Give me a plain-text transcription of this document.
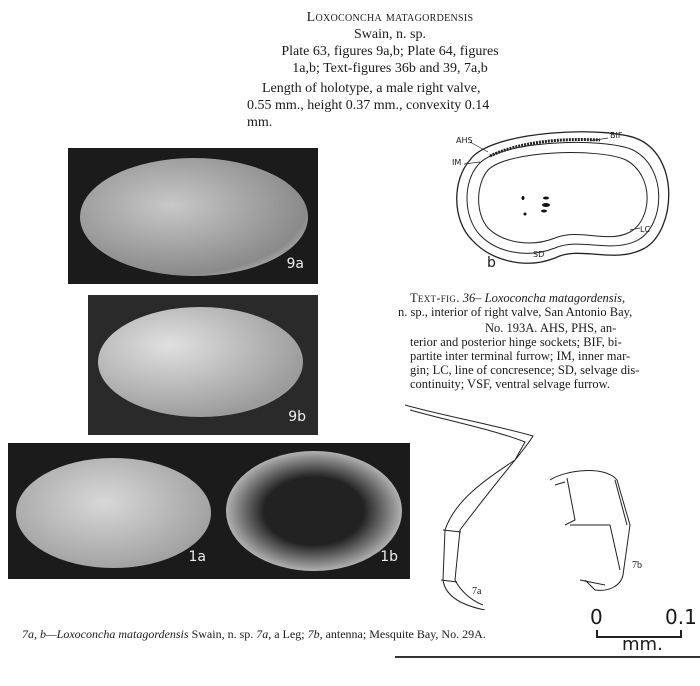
Loxoconcha matagordensis
Swain, n. sp.
Plate 63, figures 9a,b; Plate 64, figures
1a,b; Text-figures 36b and 39, 7a,b
Length of holotype, a male right valve,
0.55 mm., height 0.37 mm., convexity 0.14
mm.
9a
9b
1a	1b
AHS
BIF
IM
LC
SD
b
Text-fig. 36– Loxoconcha matagordensis,
n. sp., interior of right valve, San Antonio Bay,
No. 193A. AHS, PHS, an-
terior and posterior hinge sockets; BIF, bi-
partite inter terminal furrow; IM, inner mar-
gin; LC, line of concresence; SD, selvage dis-
continuity; VSF, ventral selvage furrow.
7a
7b
7a, b—Loxoconcha matagordensis Swain, n. sp. 7a, a Leg; 7b, antenna; Mesquite Bay, No. 29A.
0	0.1
mm.
